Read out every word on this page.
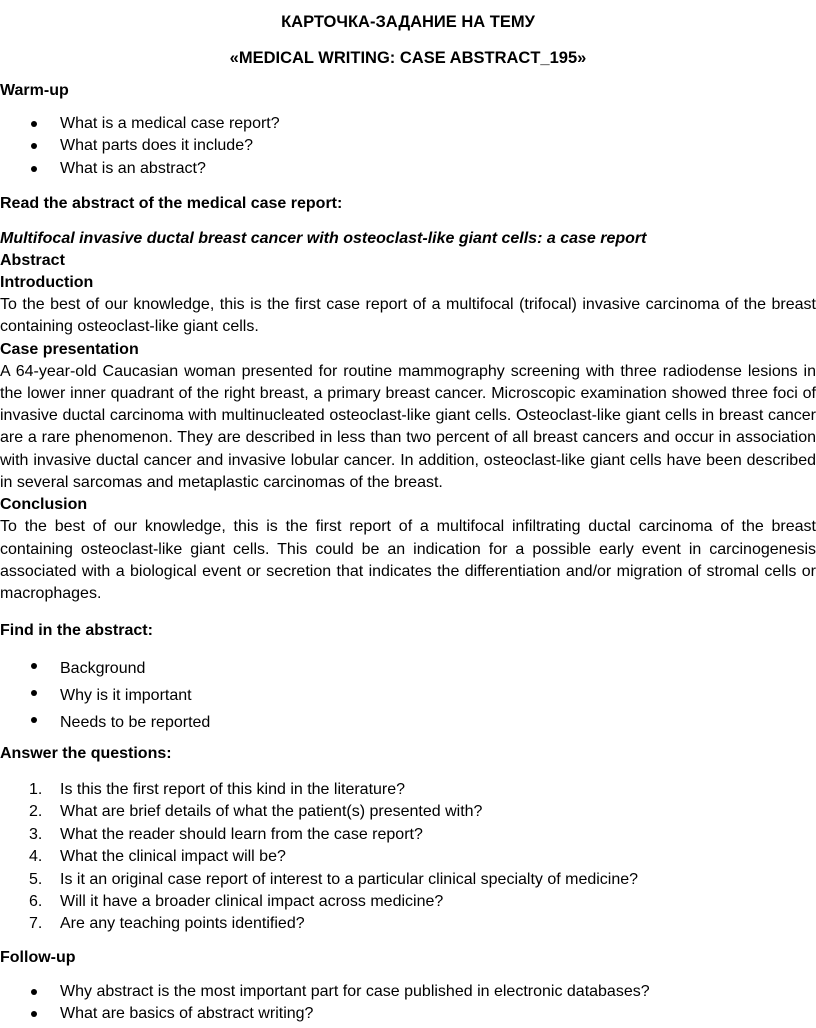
КАРТОЧКА-ЗАДАНИЕ НА ТЕМУ

«MEDICAL WRITING: CASE ABSTRACT_195»

Warm-up

What is a medical case report?
What parts does it include?
What is an abstract?

Read the abstract of the medical case report:

Multifocal invasive ductal breast cancer with osteoclast-like giant cells: a case report

Abstract

Introduction

To the best of our knowledge, this is the first case report of a multifocal (trifocal) invasive carcinoma of the breast containing osteoclast-like giant cells.

Case presentation

A 64-year-old Caucasian woman presented for routine mammography screening with three radiodense lesions in the lower inner quadrant of the right breast, a primary breast cancer. Microscopic examination showed three foci of invasive ductal carcinoma with multinucleated osteoclast-like giant cells. Osteoclast-like giant cells in breast cancer are a rare phenomenon. They are described in less than two percent of all breast cancers and occur in association with invasive ductal cancer and invasive lobular cancer. In addition, osteoclast-like giant cells have been described in several sarcomas and metaplastic carcinomas of the breast.

Conclusion

To the best of our knowledge, this is the first report of a multifocal infiltrating ductal carcinoma of the breast containing osteoclast-like giant cells. This could be an indication for a possible early event in carcinogenesis associated with a biological event or secretion that indicates the differentiation and/or migration of stromal cells or macrophages.

Find in the abstract:

Background
Why is it important
Needs to be reported

Answer the questions:

1. Is this the first report of this kind in the literature?
2. What are brief details of what the patient(s) presented with?
3. What the reader should learn from the case report?
4. What the clinical impact will be?
5. Is it an original case report of interest to a particular clinical specialty of medicine?
6. Will it have a broader clinical impact across medicine?
7. Are any teaching points identified?

Follow-up

Why abstract is the most important part for case published in electronic databases?
What are basics of abstract writing?
